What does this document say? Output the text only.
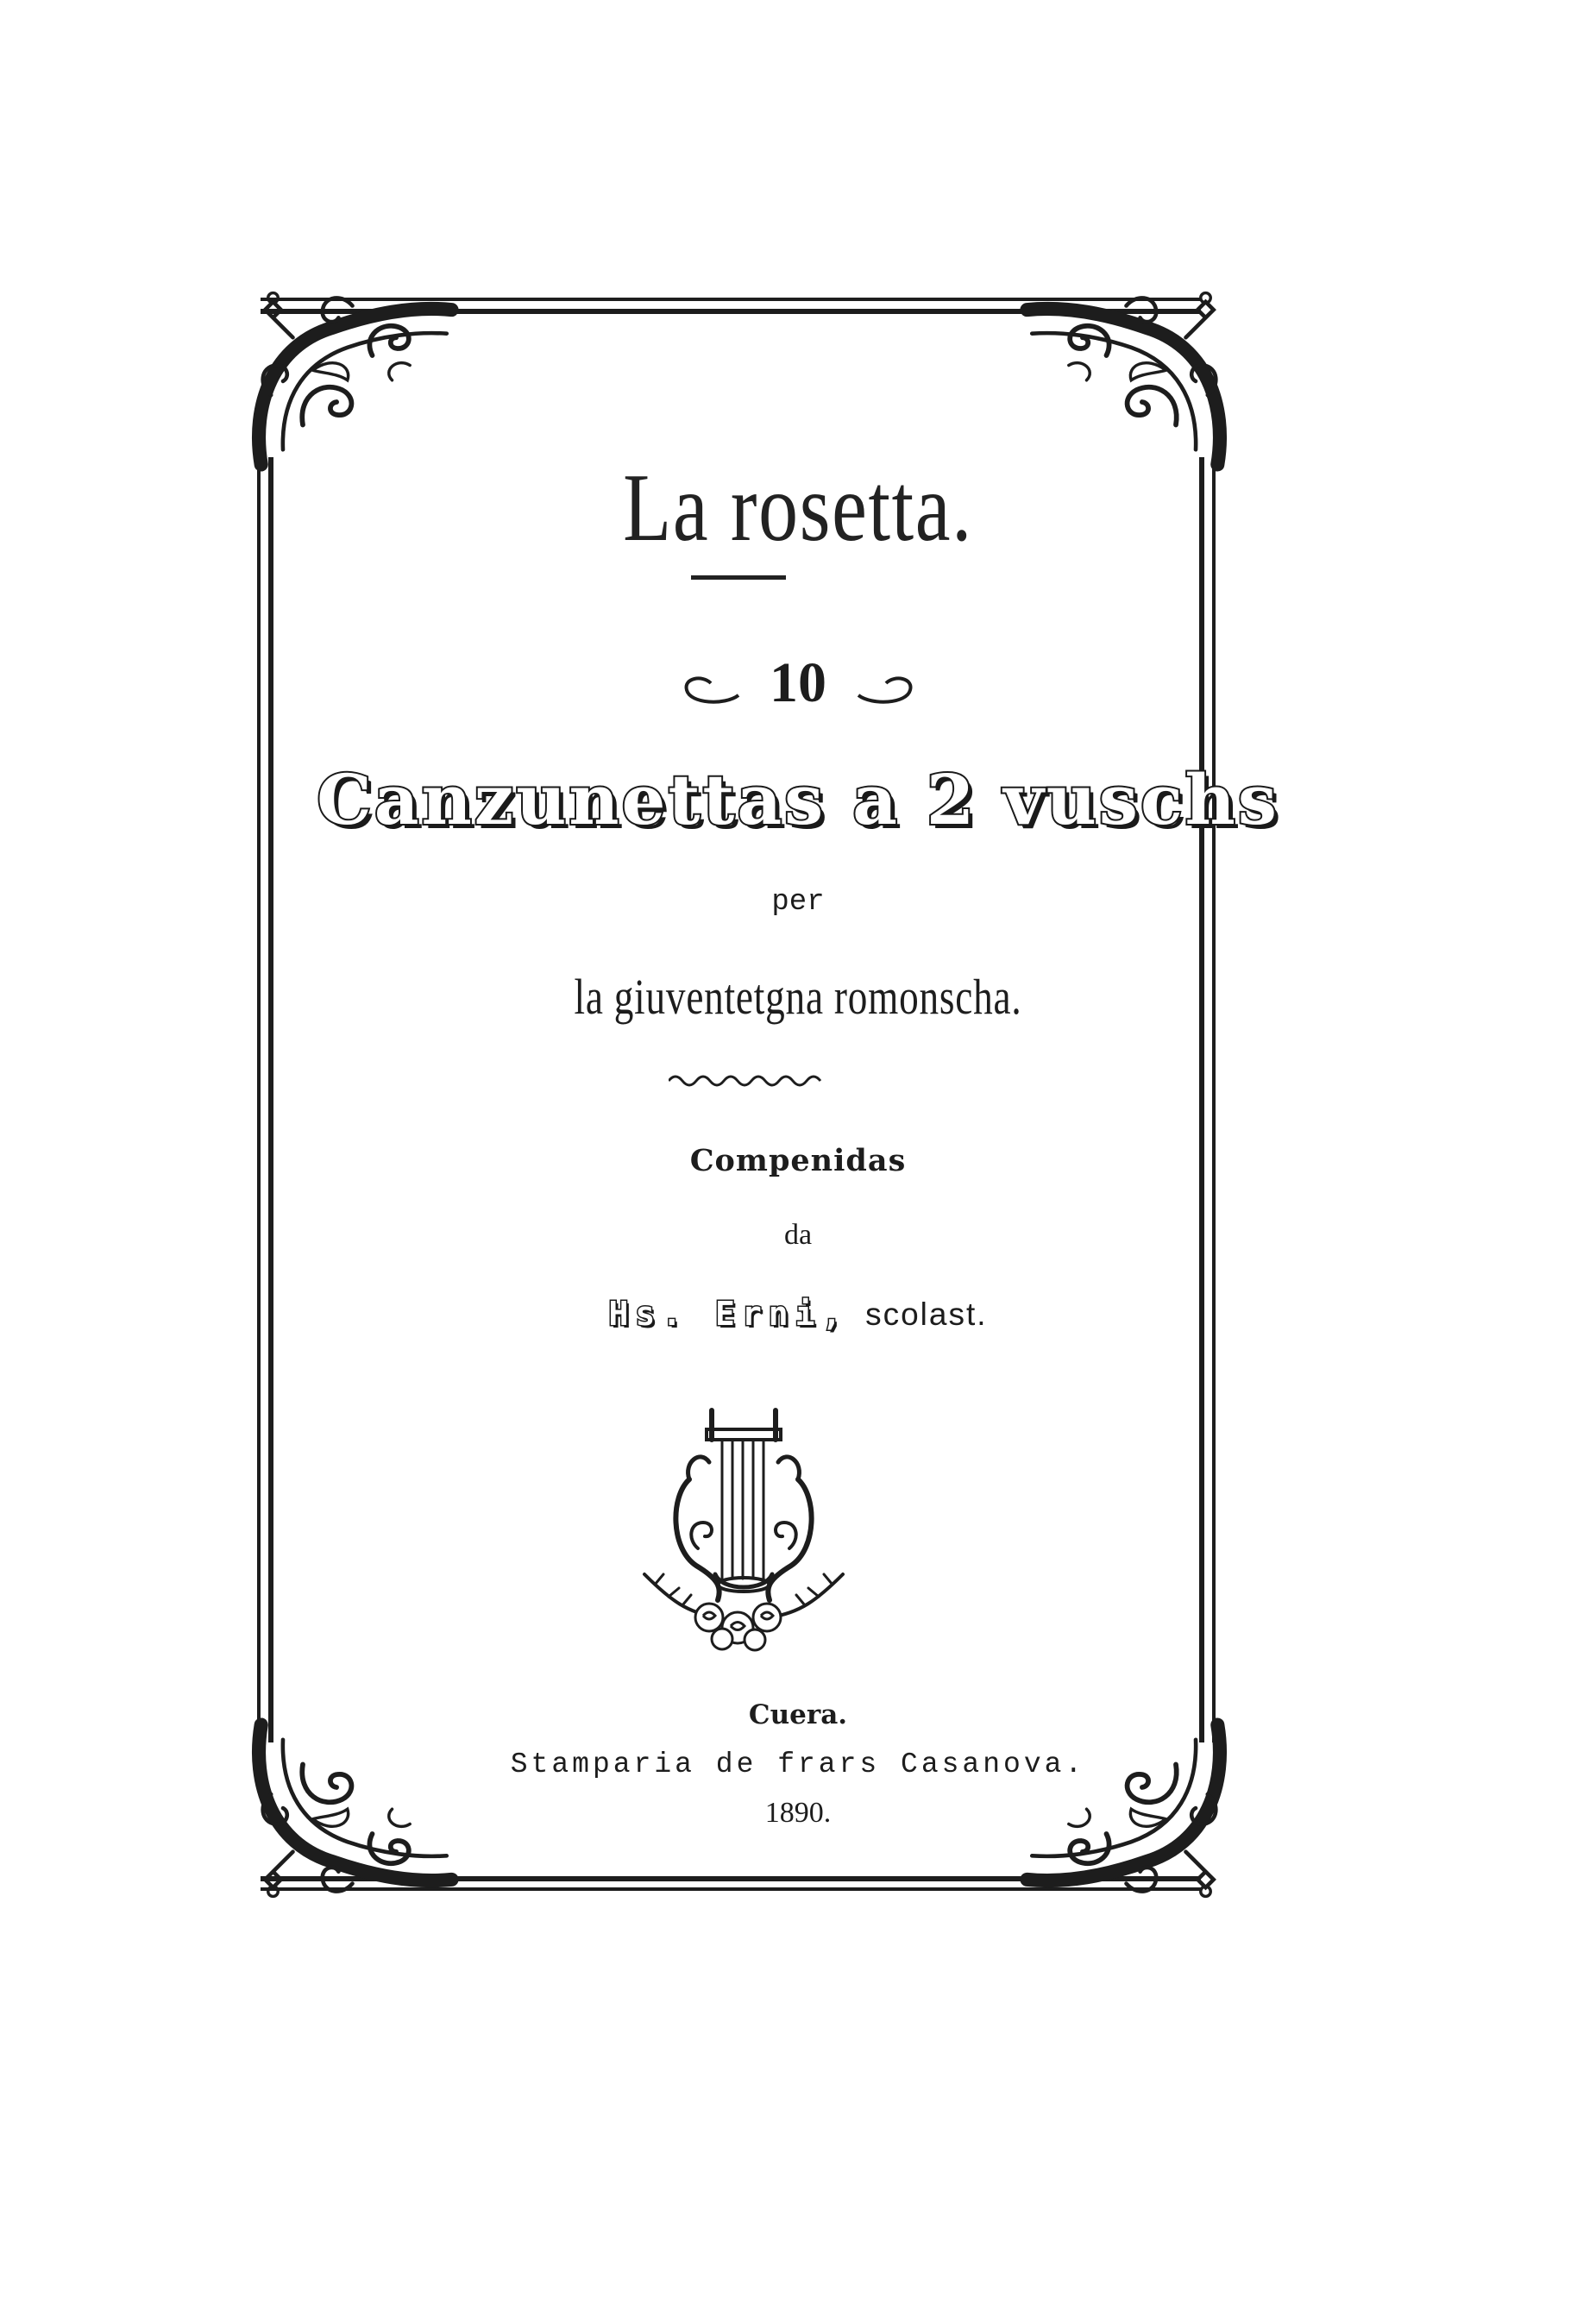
La rosetta.
10
Canzunettas a 2 vuschs
per
la giuventetgna romonscha.
Compenidas
da
Hs. Erni, scolast.
Cuera.
Stamparia de frars Casanova.
1890.
